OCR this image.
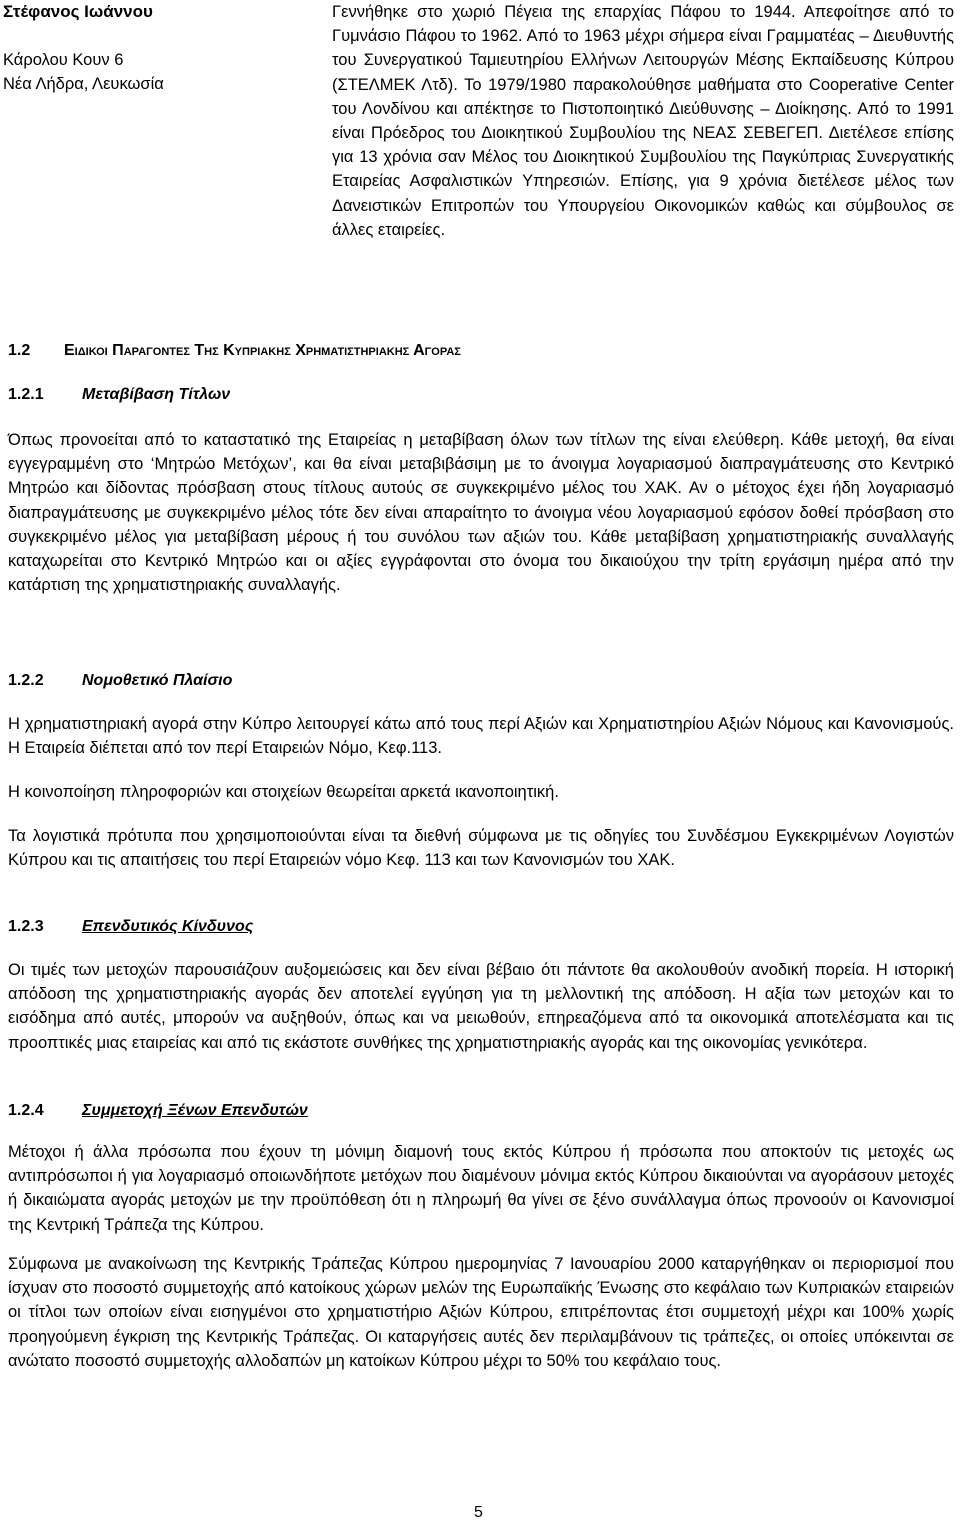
Στέφανος Ιωάννου
Κάρολου Κουν 6
Νέα Λήδρα, Λευκωσία

Γεννήθηκε στο χωριό Πέγεια της επαρχίας Πάφου το 1944. Απεφοίτησε από το Γυμνάσιο Πάφου το 1962. Από το 1963 μέχρι σήμερα είναι Γραμματέας – Διευθυντής του Συνεργατικού Ταμιευτηρίου Ελλήνων Λειτουργών Μέσης Εκπαίδευσης Κύπρου (ΣΤΕΛΜΕΚ Λτδ). Το 1979/1980 παρακολούθησε μαθήματα στο Cooperative Center του Λονδίνου και απέκτησε το Πιστοποιητικό Διεύθυνσης – Διοίκησης. Από το 1991 είναι Πρόεδρος του Διοικητικού Συμβουλίου της ΝΕΑΣ ΣΕΒΕΓΕΠ. Διετέλεσε επίσης για 13 χρόνια σαν Μέλος του Διοικητικού Συμβουλίου της Παγκύπριας Συνεργατικής Εταιρείας Ασφαλιστικών Υπηρεσιών. Επίσης, για 9 χρόνια διετέλεσε μέλος των Δανειστικών Επιτροπών του Υπουργείου Οικονομικών καθώς και σύμβουλος σε άλλες εταιρείες.

1.2 Ειδικοι Παραγοντες Της Κυπριακης Χρηματιστηριακης Αγορας
1.2.1 Μεταβίβαση Τίτλων

Όπως προνοείται από το καταστατικό της Εταιρείας η μεταβίβαση όλων των τίτλων της είναι ελεύθερη. Κάθε μετοχή, θα είναι εγγεγραμμένη στο ‘Μητρώο Μετόχων’, και θα είναι μεταβιβάσιμη με το άνοιγμα λογαριασμού διαπραγμάτευσης στο Κεντρικό Μητρώο και δίδοντας πρόσβαση στους τίτλους αυτούς σε συγκεκριμένο μέλος του ΧΑΚ. Αν ο μέτοχος έχει ήδη λογαριασμό διαπραγμάτευσης με συγκεκριμένο μέλος τότε δεν είναι απαραίτητο το άνοιγμα νέου λογαριασμού εφόσον δοθεί πρόσβαση στο συγκεκριμένο μέλος για μεταβίβαση μέρους ή του συνόλου των αξιών του. Κάθε μεταβίβαση χρηματιστηριακής συναλλαγής καταχωρείται στο Κεντρικό Μητρώο και οι αξίες εγγράφονται στο όνομα του δικαιούχου την τρίτη εργάσιμη ημέρα από την κατάρτιση της χρηματιστηριακής συναλλαγής.

1.2.2 Νομοθετικό Πλαίσιο

Η χρηματιστηριακή αγορά στην Κύπρο λειτουργεί κάτω από τους περί Αξιών και Χρηματιστηρίου Αξιών Νόμους και Κανονισμούς. Η Εταιρεία διέπεται από τον περί Εταιρειών Νόμο, Κεφ.113.

Η κοινοποίηση πληροφοριών και στοιχείων θεωρείται αρκετά ικανοποιητική.

Τα λογιστικά πρότυπα που χρησιμοποιούνται είναι τα διεθνή σύμφωνα με τις οδηγίες του Συνδέσμου Εγκεκριμένων Λογιστών Κύπρου και τις απαιτήσεις του περί Εταιρειών νόμο Κεφ. 113 και των Κανονισμών του ΧΑΚ.

1.2.3 Επενδυτικός Κίνδυνος

Οι τιμές των μετοχών παρουσιάζουν αυξομειώσεις και δεν είναι βέβαιο ότι πάντοτε θα ακολουθούν ανοδική πορεία. Η ιστορική απόδοση της χρηματιστηριακής αγοράς δεν αποτελεί εγγύηση για τη μελλοντική της απόδοση. Η αξία των μετοχών και το εισόδημα από αυτές, μπορούν να αυξηθούν, όπως και να μειωθούν, επηρεαζόμενα από τα οικονομικά αποτελέσματα και τις προοπτικές μιας εταιρείας και από τις εκάστοτε συνθήκες της χρηματιστηριακής αγοράς και της οικονομίας γενικότερα.

1.2.4 Συμμετοχή Ξένων Επενδυτών

Μέτοχοι ή άλλα πρόσωπα που έχουν τη μόνιμη διαμονή τους εκτός Κύπρου ή πρόσωπα που αποκτούν τις μετοχές ως αντιπρόσωποι ή για λογαριασμό οποιωνδήποτε μετόχων που διαμένουν μόνιμα εκτός Κύπρου δικαιούνται να αγοράσουν μετοχές ή δικαιώματα αγοράς μετοχών με την προϋπόθεση ότι η πληρωμή θα γίνει σε ξένο συνάλλαγμα όπως προνοούν οι Κανονισμοί της Κεντρική Τράπεζα της Κύπρου.

Σύμφωνα με ανακοίνωση της Κεντρικής Τράπεζας Κύπρου ημερομηνίας 7 Ιανουαρίου 2000 καταργήθηκαν οι περιορισμοί που ίσχυαν στο ποσοστό συμμετοχής από κατοίκους χώρων μελών της Ευρωπαϊκής Ένωσης στο κεφάλαιο των Κυπριακών εταιρειών οι τίτλοι των οποίων είναι εισηγμένοι στο χρηματιστήριο Αξιών Κύπρου, επιτρέποντας έτσι συμμετοχή μέχρι και 100% χωρίς προηγούμενη έγκριση της Κεντρικής Τράπεζας. Οι καταργήσεις αυτές δεν περιλαμβάνουν τις τράπεζες, οι οποίες υπόκεινται σε ανώτατο ποσοστό συμμετοχής αλλοδαπών μη κατοίκων Κύπρου μέχρι το 50% του κεφάλαιο τους.

5
